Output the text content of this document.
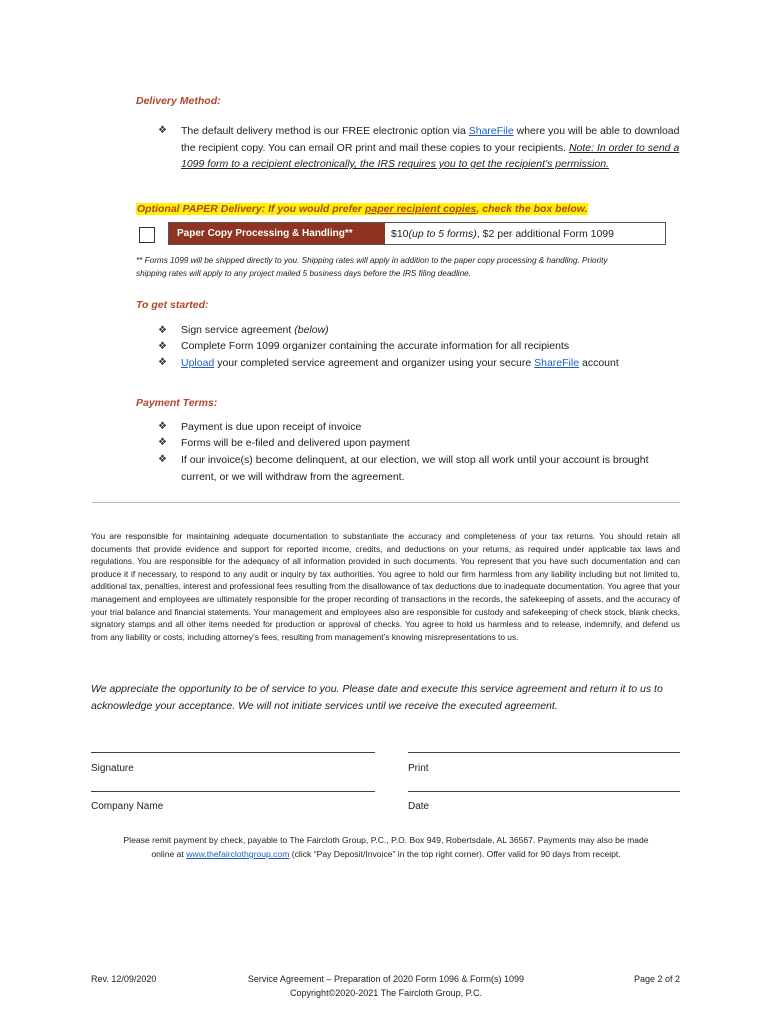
Delivery Method:
❖ The default delivery method is our FREE electronic option via ShareFile where you will be able to download
the recipient copy. You can email OR print and mail these copies to your recipients. Note: In order to send a
1099 form to a recipient electronically, the IRS requires you to get the recipient’s permission.
Optional PAPER Delivery: If you would prefer paper recipient copies, check the box below.
Paper Copy Processing & Handling**	$10 (up to 5 forms) , $2 per additional Form 1099
** Forms 1099 will be shipped directly to you. Shipping rates will apply in addition to the paper copy processing & handling. Priority
shipping rates will apply to any project mailed 5 business days before the IRS filing deadline.
To get started:
❖ Sign service agreement (below)
❖ Complete Form 1099 organizer containing the accurate information for all recipients
❖ Upload your completed service agreement and organizer using your secure ShareFile account
Payment Terms:
❖ Payment is due upon receipt of invoice
❖ Forms will be e-filed and delivered upon payment
❖ If our invoice(s) become delinquent, at our election, we will stop all work until your account is brought
current, or we will withdraw from the agreement.
You are responsible for maintaining adequate documentation to substantiate the accuracy and completeness of your tax returns. You should retain all documents that provide evidence and support for reported income, credits, and deductions on your returns, as required under applicable tax laws and regulations. You are responsible for the adequacy of all information provided in such documents. You represent that you have such documentation and can produce it if necessary, to respond to any audit or inquiry by tax authorities. You agree to hold our firm harmless from any liability including but not limited to, additional tax, penalties, interest and professional fees resulting from the disallowance of tax deductions due to inadequate documentation. You agree that your management and employees are ultimately responsible for the proper recording of transactions in the records, the safekeeping of assets, and the accuracy of your trial balance and financial statements. Your management and employees also are responsible for custody and safekeeping of check stock, blank checks, signatory stamps and all other items needed for production or approval of checks. You agree to hold us harmless and to release, indemnify, and defend us from any liability or costs, including attorney’s fees, resulting from management’s knowing misrepresentations to us.
We appreciate the opportunity to be of service to you. Please date and execute this service agreement and return it to us to
acknowledge your acceptance. We will not initiate services until we receive the executed agreement.
Signature	Print
Company Name	Date
Please remit payment by check, payable to The Faircloth Group, P.C., P.O. Box 949, Robertsdale, AL 36567. Payments may also be made
online at www.thefairclothgroup.com (click “Pay Deposit/Invoice” in the top right corner). Offer valid for 90 days from receipt.
Rev. 12/09/2020	Service Agreement – Preparation of 2020 Form 1096 & Form(s) 1099
Copyright©2020-2021 The Faircloth Group, P.C.
Page 2 of 2
